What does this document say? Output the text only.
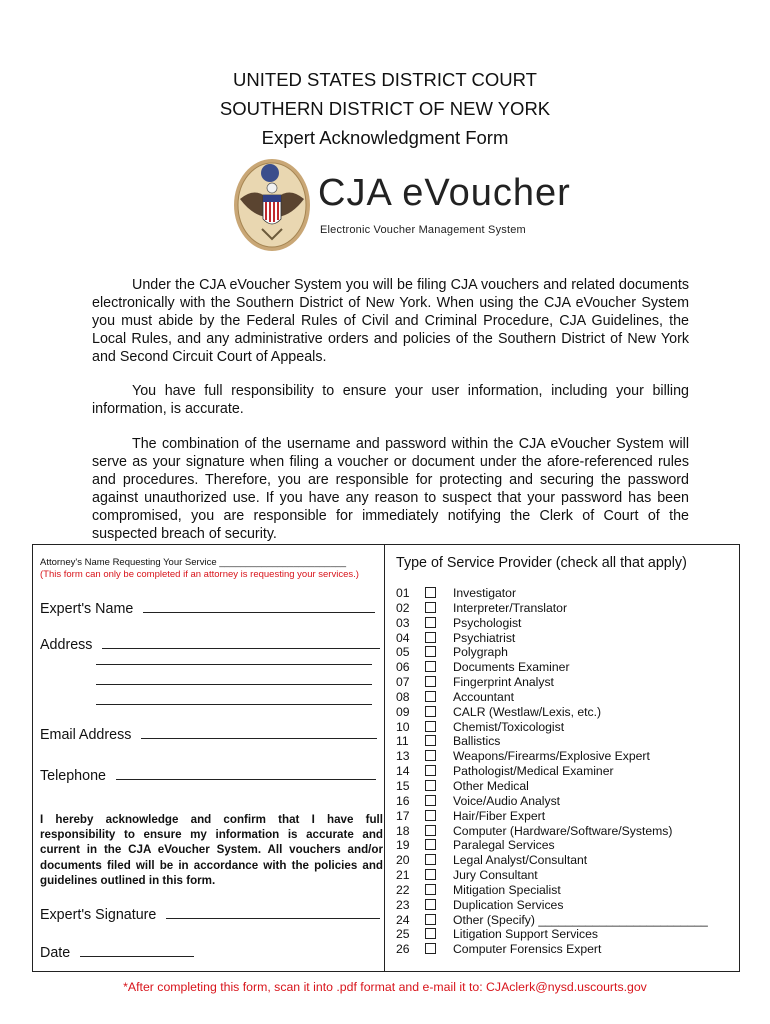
UNITED STATES DISTRICT COURT
SOUTHERN DISTRICT OF NEW YORK
Expert Acknowledgment Form
CJA eVoucher
Electronic Voucher Management System
Under the CJA eVoucher System you will be filing CJA vouchers and related documents electronically with the Southern District of New York. When using the CJA eVoucher System you must abide by the Federal Rules of Civil and Criminal Procedure, CJA Guidelines, the Local Rules, and any administrative orders and policies of the Southern District of New York and Second Circuit Court of Appeals.
You have full responsibility to ensure your user information, including your billing information, is accurate.
The combination of the username and password within the CJA eVoucher System will serve as your signature when filing a voucher or document under the afore-referenced rules and procedures. Therefore, you are responsible for protecting and securing the password against unauthorized use. If you have any reason to suspect that your password has been compromised, you are responsible for immediately notifying the Clerk of Court of the suspected breach of security.
Attorney's Name Requesting Your Service ________________________
(This form can only be completed if an attorney is requesting your services.)
Expert's Name
Address
Email Address
Telephone
I hereby acknowledge and confirm that I have full responsibility to ensure my information is accurate and current in the CJA eVoucher System. All vouchers and/or documents filed will be in accordance with the policies and guidelines outlined in this form.
Expert's Signature
Date
Type of Service Provider (check all that apply)
01	Investigator
02	Interpreter/Translator
03	Psychologist
04	Psychiatrist
05	Polygraph
06	Documents Examiner
07	Fingerprint Analyst
08	Accountant
09	CALR (Westlaw/Lexis, etc.)
10	Chemist/Toxicologist
11	Ballistics
13	Weapons/Firearms/Explosive Expert
14	Pathologist/Medical Examiner
15	Other Medical
16	Voice/Audio Analyst
17	Hair/Fiber Expert
18	Computer (Hardware/Software/Systems)
19	Paralegal Services
20	Legal Analyst/Consultant
21	Jury Consultant
22	Mitigation Specialist
23	Duplication Services
24	Other (Specify) _________________________
25	Litigation Support Services
26	Computer Forensics Expert
*After completing this form, scan it into .pdf format and e-mail it to: CJAclerk@nysd.uscourts.gov
